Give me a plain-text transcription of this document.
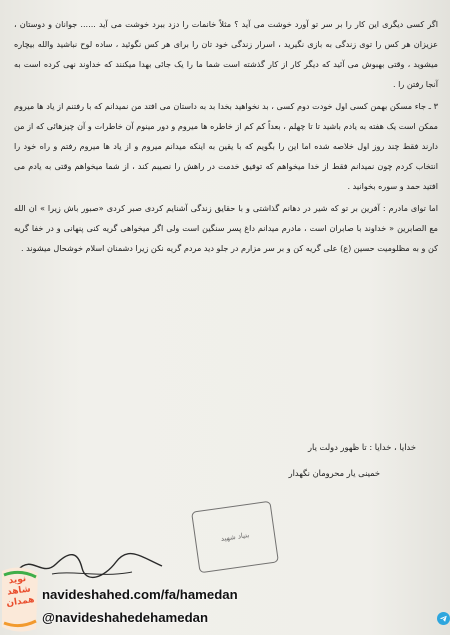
اگر کسی دیگری این کار را بر سر تو آورد خوشت می آید ؟ مثلاً خانمات را دزد ببرد خوشت می آید ...... جوانان و دوستان ، عزیزان هر کس را توی زندگی به بازی نگیرید ، اسرار زندگی خود تان را برای هر کس نگوئید ، ساده لوح نباشید والله بیچاره میشوید ، وقتی بهبوش می آئید که دیگر کار از کار گذشته است شما ما را یک جائی بهدا میکنند که خداوند نهی کرده است به آنجا رفتن را .

۳ ـ جاء مسکن بهمن کسی اول خودت دوم کسی ، بد نخواهید بخدا بد به داستان می افتد من نمیدانم که با رفتنم از یاد ها میروم ممکن است یک هفته به یادم باشید تا تا چهلم ، بعداً کم کم از خاطره ها میروم و دور مینوم آن خاطرات و آن چیزهائی که از من دارند فقط چند روز اول خلاصه شده اما این را بگویم که با یقین به اینکه میدانم میروم و از یاد ها میروم رفتم و راه خود را انتخاب کردم چون نمیدانم فقط از خدا میخواهم که توفیق خدمت در راهش را نصیبم کند ، از شما میخواهم وقتی به یادم می افتید حمد و سوره بخوانید .

اما توای مادرم : آفرین بر تو که شیر در دهانم گذاشتی و با حقایق زندگی آشنایم کردی صبر کردی «صبور باش زیرا » ان الله مع الصابرین « خداوند با صابران است ، مادرم میدانم داغ پسر سنگین است ولی اگر میخواهی گریه کنی پنهانی و در خفا گریه کن و به مظلومیت حسین (ع) علی گریه کن و بر سر مزارم در جلو دید مردم گریه نکن زیرا دشمنان اسلام خوشحال میشوند .

خدایا ، خدایا : تا ظهور دولت یار
خمینی یار محرومان نگهدار
بنیاد شهید
نوید شاهد همدان navideshahed.com/fa/hamedan
@navideshahedehamedan
